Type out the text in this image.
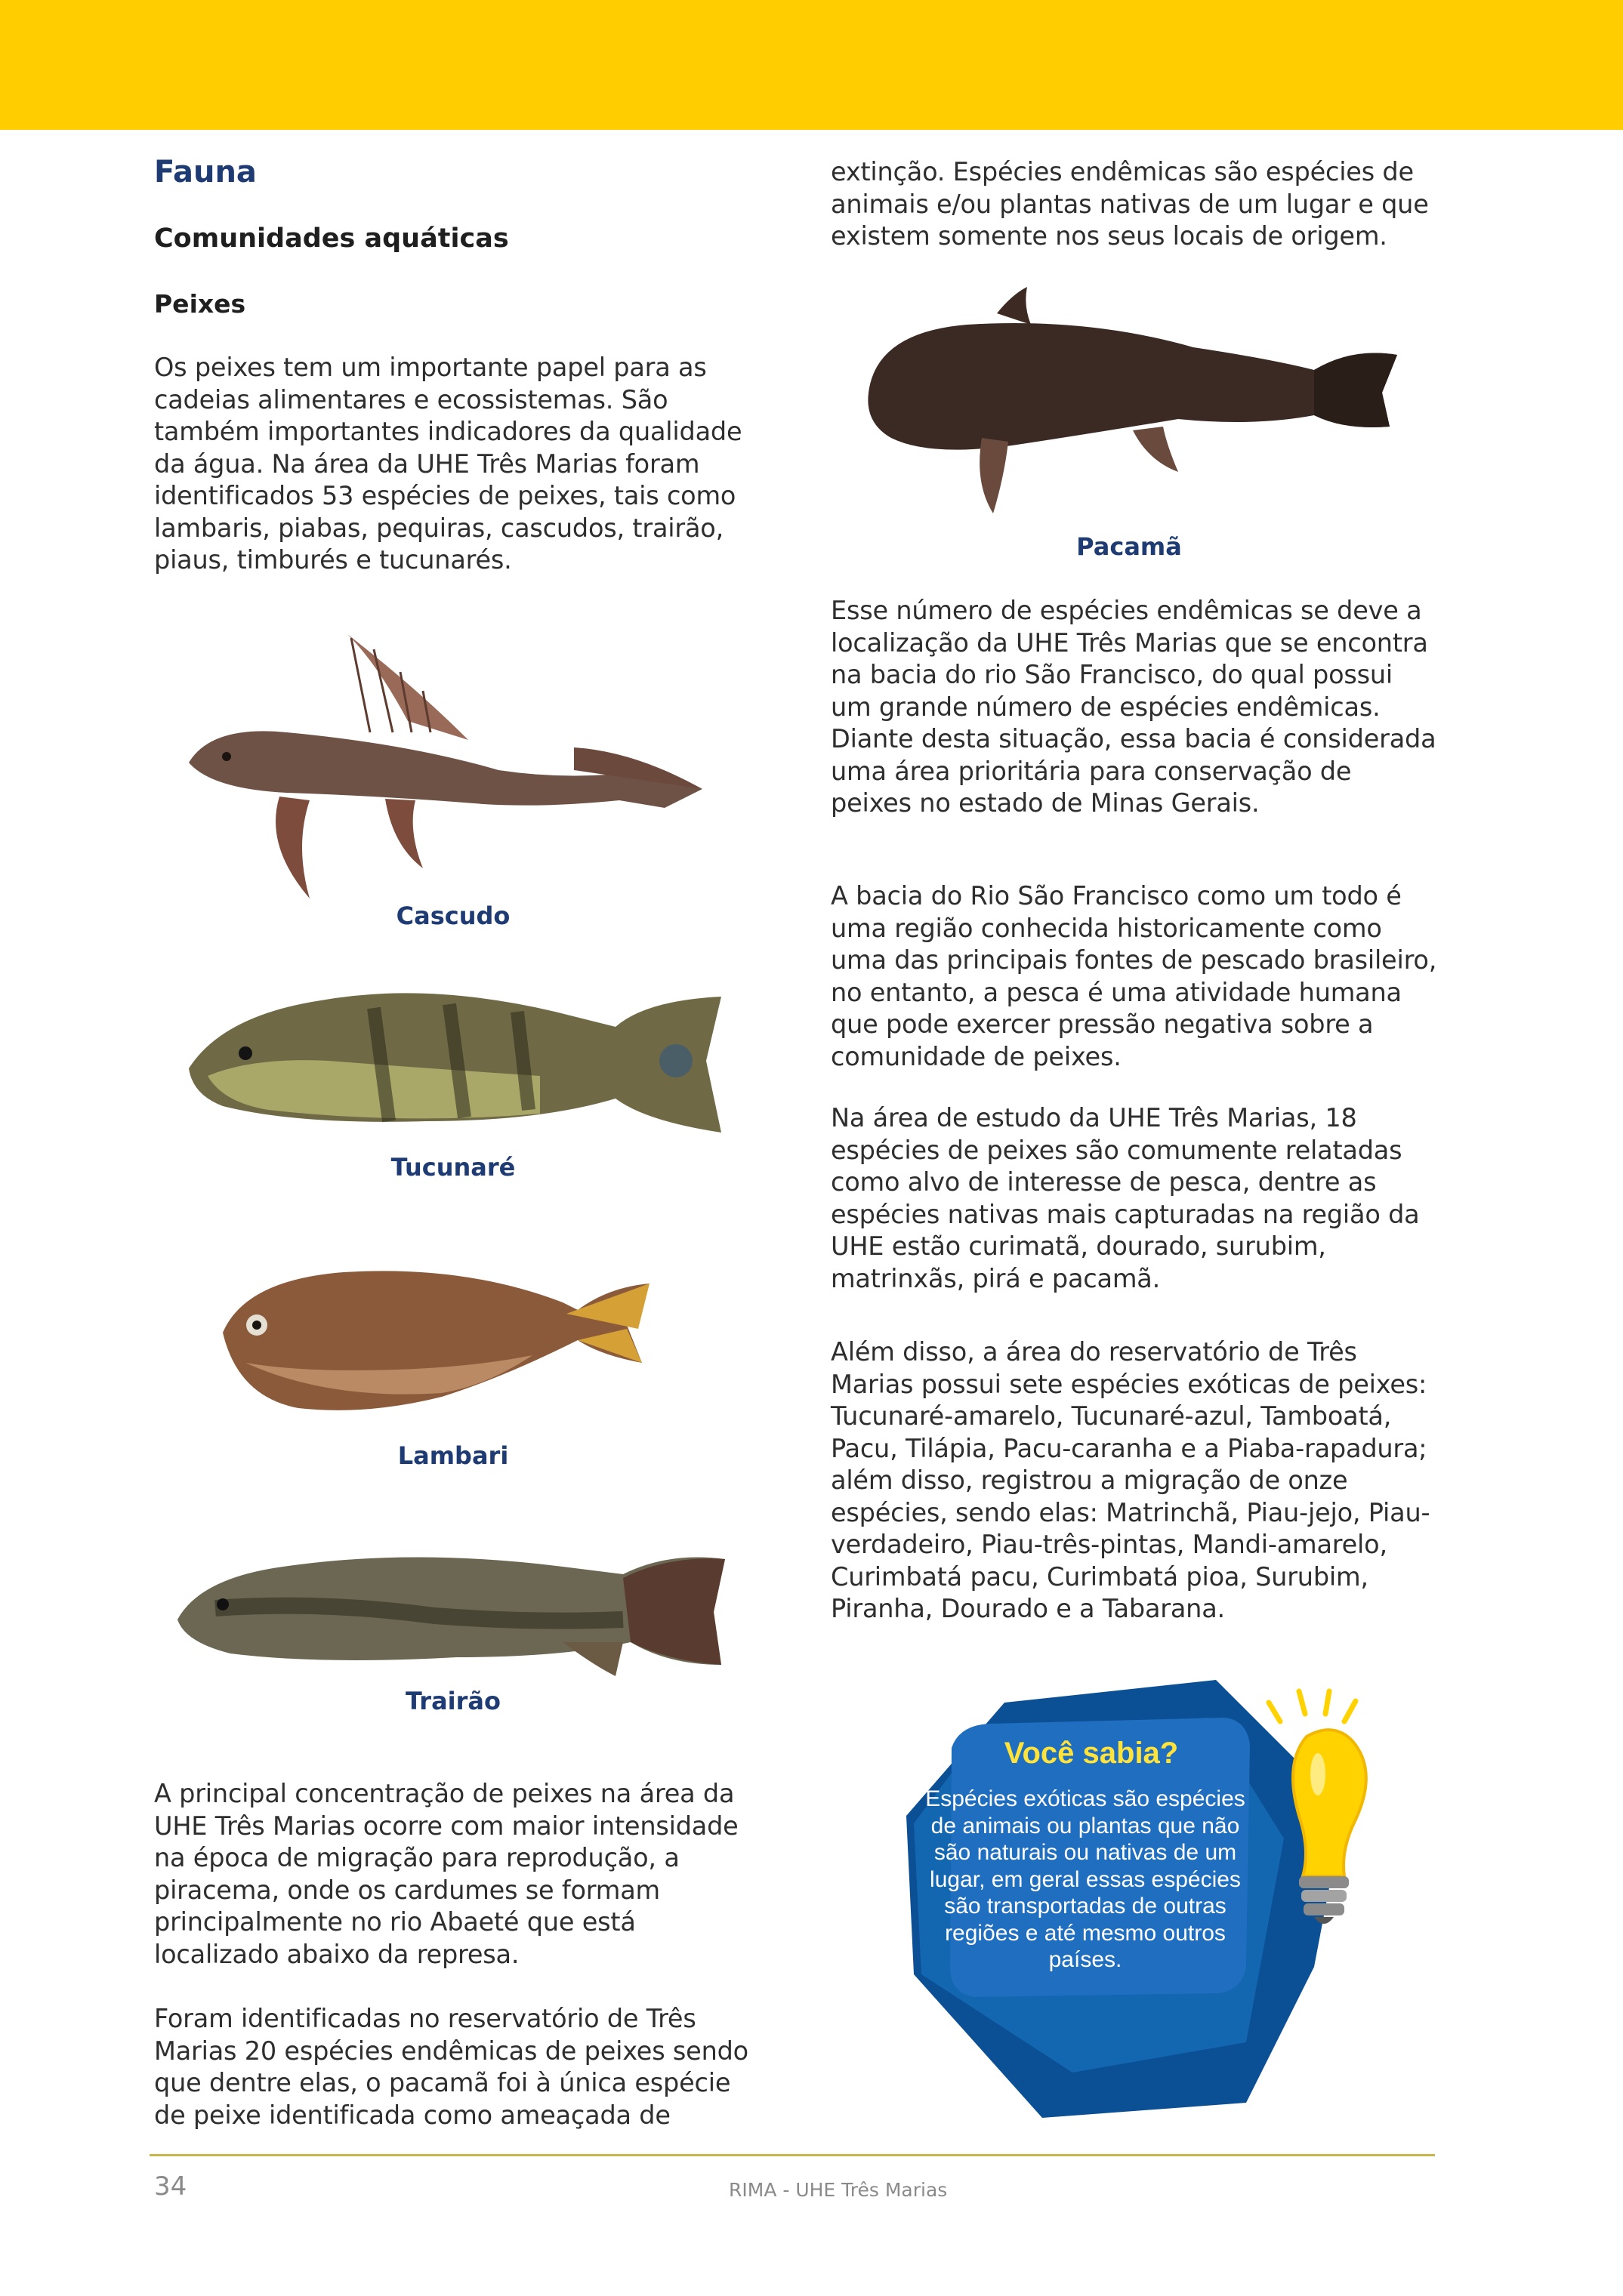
Fauna
Comunidades aquáticas
Peixes

Os peixes tem um importante papel para as cadeias alimentares e ecossistemas. São também importantes indicadores da qualidade da água. Na área da UHE Três Marias foram identificados 53 espécies de peixes, tais como lambaris, piabas, pequiras, cascudos, trairão, piaus, timburés e tucunarés.

Cascudo
Tucunaré
Lambari
Trairão

A principal concentração de peixes na área da UHE Três Marias ocorre com maior intensidade na época de migração para reprodução, a piracema, onde os cardumes se formam principalmente no rio Abaeté que está localizado abaixo da represa.

Foram identificadas no reservatório de Três Marias 20 espécies endêmicas de peixes sendo que dentre elas, o pacamã foi à única espécie de peixe identificada como ameaçada de

extinção. Espécies endêmicas são espécies de animais e/ou plantas nativas de um lugar e que existem somente nos seus locais de origem.

Pacamã

Esse número de espécies endêmicas se deve a localização da UHE Três Marias que se encontra na bacia do rio São Francisco, do qual possui um grande número de espécies endêmicas. Diante desta situação, essa bacia é considerada uma área prioritária para conservação de peixes no estado de Minas Gerais.

A bacia do Rio São Francisco como um todo é uma região conhecida historicamente como uma das principais fontes de pescado brasileiro, no entanto, a pesca é uma atividade humana que pode exercer pressão negativa sobre a comunidade de peixes.

Na área de estudo da UHE Três Marias, 18 espécies de peixes são comumente relatadas como alvo de interesse de pesca, dentre as espécies nativas mais capturadas na região da UHE estão curimatã, dourado, surubim, matrinxãs, pirá e pacamã.

Além disso, a área do reservatório de Três Marias possui sete espécies exóticas de peixes: Tucunaré-amarelo, Tucunaré-azul, Tamboatá, Pacu, Tilápia, Pacu-caranha e a Piaba-rapadura; além disso, registrou a migração de onze espécies, sendo elas: Matrinchã, Piau-jejo, Piau-verdadeiro, Piau-três-pintas, Mandi-amarelo, Curimbatá pacu, Curimbatá pioa, Surubim, Piranha, Dourado e a Tabarana.

Você sabia?
Espécies exóticas são espécies de animais ou plantas que não são naturais ou nativas de um lugar, em geral essas espécies são transportadas de outras regiões e até mesmo outros países.
34	RIMA - UHE Três Marias
